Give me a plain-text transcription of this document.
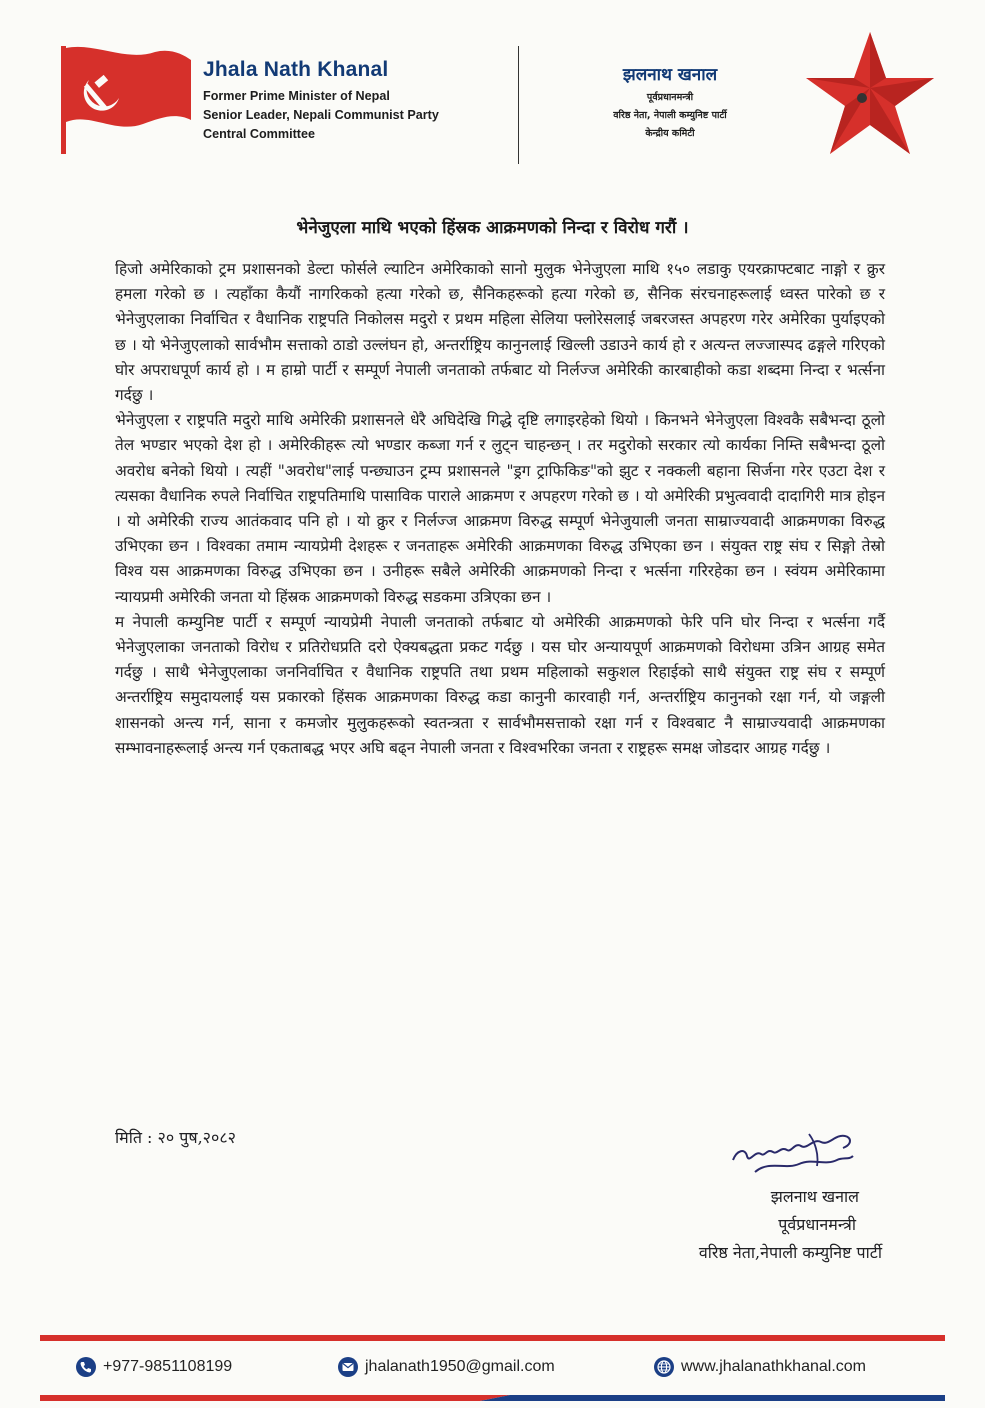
Jhala Nath Khanal
Former Prime Minister of Nepal
Senior Leader, Nepali Communist Party
Central Committee
झलनाथ खनाल
पूर्वप्रधानमन्त्री
वरिष्ठ नेता, नेपाली कम्युनिष्ट पार्टी
केन्द्रीय कमिटी
भेनेजुएला माथि भएको हिंस्रक आक्रमणको निन्दा र विरोध गरौं ।

हिजो अमेरिकाको ट्रम प्रशासनको डेल्टा फोर्सले ल्याटिन अमेरिकाको सानो मुलुक भेनेजुएला माथि १५० लडाकु एयरक्राफ्टबाट नाङ्गो र क्रुर हमला गरेको छ । त्यहाँका कैयौं नागरिकको हत्या गरेको छ, सैनिकहरूको हत्या गरेको छ, सैनिक संरचनाहरूलाई ध्वस्त पारेको छ र भेनेजुएलाका निर्वाचित र वैधानिक राष्ट्रपति निकोलस मदुरो र प्रथम महिला सेलिया फ्लोरेसलाई जबरजस्त अपहरण गरेर अमेरिका पुर्याइएको छ । यो भेनेजुएलाको सार्वभौम सत्ताको ठाडो उल्लंघन हो, अन्तर्राष्ट्रिय कानुनलाई खिल्ली उडाउने कार्य हो र अत्यन्त लज्जास्पद ढङ्गले गरिएको घोर अपराधपूर्ण कार्य हो । म हाम्रो पार्टी र सम्पूर्ण नेपाली जनताको तर्फबाट यो निर्लज्ज अमेरिकी कारबाहीको कडा शब्दमा निन्दा र भर्त्सना गर्दछु ।

भेनेजुएला र राष्ट्रपति मदुरो माथि अमेरिकी प्रशासनले धेरै अघिदेखि गिद्धे दृष्टि लगाइरहेको थियो । किनभने भेनेजुएला विश्वकै सबैभन्दा ठूलो तेल भण्डार भएको देश हो । अमेरिकीहरू त्यो भण्डार कब्जा गर्न र लुट्न चाहन्छन् । तर मदुरोको सरकार त्यो कार्यका निम्ति सबैभन्दा ठूलो अवरोध बनेको थियो । त्यहीं "अवरोध"लाई पन्छ्याउन ट्रम्प प्रशासनले "ड्रग ट्राफिकिङ"को झुट र नक्कली बहाना सिर्जना गरेर एउटा देश र त्यसका वैधानिक रुपले निर्वाचित राष्ट्रपतिमाथि पासाविक पाराले आक्रमण र अपहरण गरेको छ । यो अमेरिकी प्रभुत्ववादी दादागिरी मात्र होइन । यो अमेरिकी राज्य आतंकवाद पनि हो । यो क्रुर र निर्लज्ज आक्रमण विरुद्ध सम्पूर्ण भेनेजुयाली जनता साम्राज्यवादी आक्रमणका विरुद्ध उभिएका छन । विश्वका तमाम न्यायप्रेमी देशहरू र जनताहरू अमेरिकी आक्रमणका विरुद्ध उभिएका छन । संयुक्त राष्ट्र संघ र सिङ्गो तेस्रो विश्व यस आक्रमणका विरुद्ध उभिएका छन । उनीहरू सबैले अमेरिकी आक्रमणको निन्दा र भर्त्सना गरिरहेका छन । स्वंयम अमेरिकामा न्यायप्रमी अमेरिकी जनता यो हिंस्रक आक्रमणको विरुद्ध सडकमा उत्रिएका छन ।

म नेपाली कम्युनिष्ट पार्टी र सम्पूर्ण न्यायप्रेमी नेपाली जनताको तर्फबाट यो अमेरिकी आक्रमणको फेरि पनि घोर निन्दा र भर्त्सना गर्दै भेनेजुएलाका जनताको विरोध र प्रतिरोधप्रति दरो ऐक्यबद्धता प्रकट गर्दछु । यस घोर अन्यायपूर्ण आक्रमणको विरोधमा उत्रिन आग्रह समेत गर्दछु । साथै भेनेजुएलाका जननिर्वाचित र वैधानिक राष्ट्रपति तथा प्रथम महिलाको सकुशल रिहाईको साथै संयुक्त राष्ट्र संघ र सम्पूर्ण अन्तर्राष्ट्रिय समुदायलाई यस प्रकारको हिंसक आक्रमणका विरुद्ध कडा कानुनी कारवाही गर्न, अन्तर्राष्ट्रिय कानुनको रक्षा गर्न, यो जङ्गली शासनको अन्त्य गर्न, साना र कमजोर मुलुकहरूको स्वतन्त्रता र सार्वभौमसत्ताको रक्षा गर्न र विश्वबाट नै साम्राज्यवादी आक्रमणका सम्भावनाहरूलाई अन्त्य गर्न एकताबद्ध भएर अघि बढ्न नेपाली जनता र विश्वभरिका जनता र राष्ट्रहरू समक्ष जोडदार आग्रह गर्दछु ।

मिति : २० पुष,२०८२
झलनाथ खनाल
पूर्वप्रधानमन्त्री
वरिष्ठ नेता,नेपाली कम्युनिष्ट पार्टी
+977-9851108199	jhalanath1950@gmail.com	www.jhalanathkhanal.com
